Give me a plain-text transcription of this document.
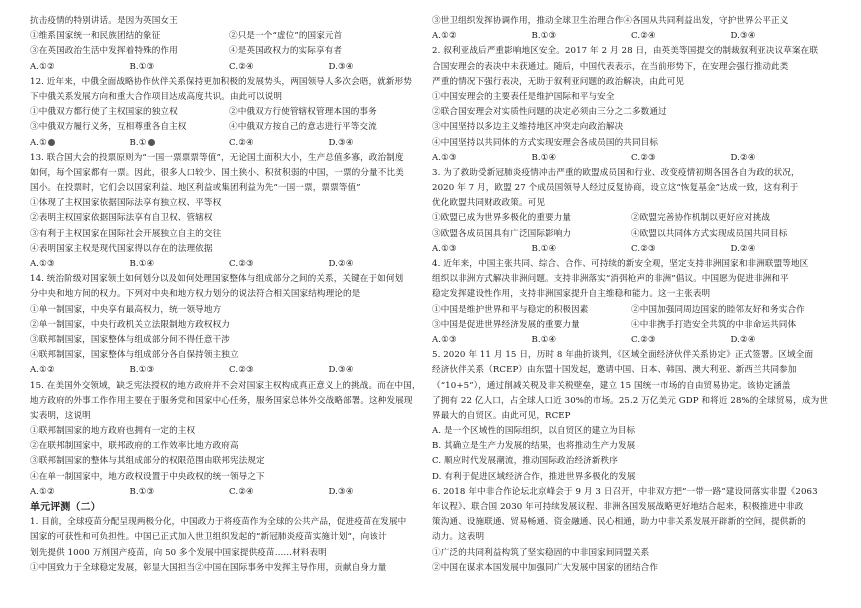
抗击疫情的特别讲话。是因为英国女王
①维系国家统一和民族团结的象征	②只是一个“虚位”的国家元首
③在英国政治生活中发挥着特殊的作用	④是英国政权力的实际享有者
A.①②	B.①③	C.②④	D.③④
12. 近年来，中俄全面战略协作伙伴关系保持更加积极的发展势头，两国领导人多次会晤，就新形势
下中俄关系发展方向和重大合作项目达成高度共识。由此可以说明
①中俄双方都行使了主权国家的独立权	②中俄双方行使管辖权管理本国的事务
③中俄双方履行义务，互相尊重各自主权	④中俄双方按自己的意志进行平等交流
A.①	B.①	C.②④	D.③④
13. 联合国大会的投票原则为“一国一票票票等值”，无论国土面积大小，生产总值多寡，政治制度
如何，每个国家都有一票。因此，很多人口较少、国土狭小、积贫积弱的中国，一票的分量不比美
国小。在投票时，它们会以国家利益、地区利益或集团利益为先“一国一票，票票等值”
①体现了主权国家依据国际法享有独立权、平等权
②表明主权国家依据国际法享有自卫权、管辖权
③有利于主权国家在国际社会开展独立自主的交往
④表明国家主权是现代国家得以存在的法理依据
A.①③	B.①④	C.②③	D.②④
14. 统治阶级对国家领土如何划分以及如何处理国家整体与组成部分之间的关系，关键在于如何划
分中央和地方间的权力。下列对中央和地方权力划分的说法符合相关国家结构理论的是
①单一制国家，中央享有最高权力，统一领导地方
②单一制国家，中央行政机关立法限制地方政权权力
③联邦制国家，国家整体与组成部分间不得任意干涉
④联邦制国家，国家整体与组成部分各自保持领主独立
A.①②	B.①③	C.②③	D.③④
15. 在美国外交领域，缺乏宪法授权的地方政府并不会对国家主权构成真正意义上的挑战。而在中国，
地方政府的外事工作作用主要在于服务党和国家中心任务，服务国家总体外交战略部署。这种发展现
实表明，这说明
①联邦制国家的地方政府也拥有一定的主权
②在联邦制国家中，联邦政府的工作效率比地方政府高
③联邦制国家的整体与其组成部分的权限范围由联邦宪法规定
④在单一制国家中，地方政权设置于中央政权的统一领导之下
A.①②	B.①③	C.②④	D.③④
单元评测（二）
1. 目前，全球疫苗分配呈现两极分化，中国政力于将疫苗作为全球的公共产品，促进疫苗在发展中
国家的可获性和可负担性。中国已正式加入世卫组织发起的“新冠肺炎疫苗实施计划”，向该计
划先提供 1000 万剂国产疫苗，向 50 多个发展中国家提供疫苗……材料表明
①中国致力于全球稳定发展，彰显大国担当②中国在国际事务中发挥主导作用，贡献自身力量
③世卫组织发挥协调作用，推动全球卫生治理合作④各国从共同利益出发，守护世界公平正义
A.①②	B.①③	C.②④	D.③④
2. 叙利亚战后严重影响地区安全。2017 年 2 月 28 日，由英美等国提交的制裁叙利亚决议草案在联
合国安理会的表决中未获通过。随后，中国代表表示，在当前形势下，在安理会强行推动此类
严重的情况下强行表决，无助于叙利亚问题的政治解决，由此可见
①中国安理会的主要表任是维护国际和平与安全
②联合国安理会对实质性问题的决定必须由三分之二多数通过
③中国坚持以多边主义维持地区冲突走向政治解决
④中国坚持以共同体的方式实现安理会各成员国的共同目标
A.①③	B.①④	C.②③	D.②④
3. 为了救助受新冠肺炎疫情冲击严重的欧盟成员国和行业、改变疫情初期各国各自为政的状况，
2020 年 7 月，欧盟 27 个成员国领导人经过反复协商，设立这“恢复基金”达成一致，这有利于
优化欧盟共同财政政策。可见
①欧盟已成为世界多极化的重要力量	②欧盟完善协作机制以更好应对挑战
③欧盟各成员国具有广泛国际影响力	④欧盟以共同体方式实现成员国共同目标
A.①③	B.①④	C.②③	D.②④
4. 近年来，中国主张共同、综合、合作、可持续的新安全观，坚定支持非洲国家和非洲联盟等地区
组织以非洲方式解决非洲问题。支持非洲落实“消弭枪声的非洲”倡议。中国愿为促进非洲和平
稳定发挥建设性作用，支持非洲国家提升自主维稳和能力。这一主张表明
①中国是维护世界和平与稳定的积极因素	②中国加强同周边国家的睦邻友好和务实合作
③中国是促进世界经济发展的重要力量	④中非携手打造安全共筑的中非命运共同体
A.①③	B.①④	C.②③	D.②④
5. 2020 年 11 月 15 日，历时 8 年曲折谈判，《区域全面经济伙伴关系协定》正式签署。区域全面
经济伙伴关系（RCEP）由东盟十国发起，邀请中国、日本、韩国、澳大利亚、新西兰共同参加
（“10+5”），通过削减关税及非关税壁垒，建立 15 国统一市场的自由贸易协定。该协定涵盖
了拥有 22 亿人口，占全球人口近 30%的市场。25.2 万亿美元 GDP 和将近 28%的全球贸易，成为世
界最大的自贸区。由此可见，RCEP
A. 是一个区域性的国际组织，以自贸区的建立为目标
B. 其确立是生产力发展的结果，也将推动生产力发展
C. 顺应时代发展潮流，推动国际政治经济新秩序
D. 有利于促进区域经济合作，推进世界多极化的发展
6. 2018 年中非合作论坛北京峰会于 9 月 3 日召开，中非双方把“一带一路”建设同落实非盟《2063
年议程》、联合国 2030 年可持续发展议程、非洲各国发展战略更好地结合起来，积极推进中非政
策沟通、设施联通、贸易畅通、资金融通、民心相通，助力中非关系发展开辟新的空间，提供新的
动力。这表明
①广泛的共同利益构筑了坚实稳固的中非国家间同盟关系
②中国在谋求本国发展中加强同广大发展中国家的团结合作
